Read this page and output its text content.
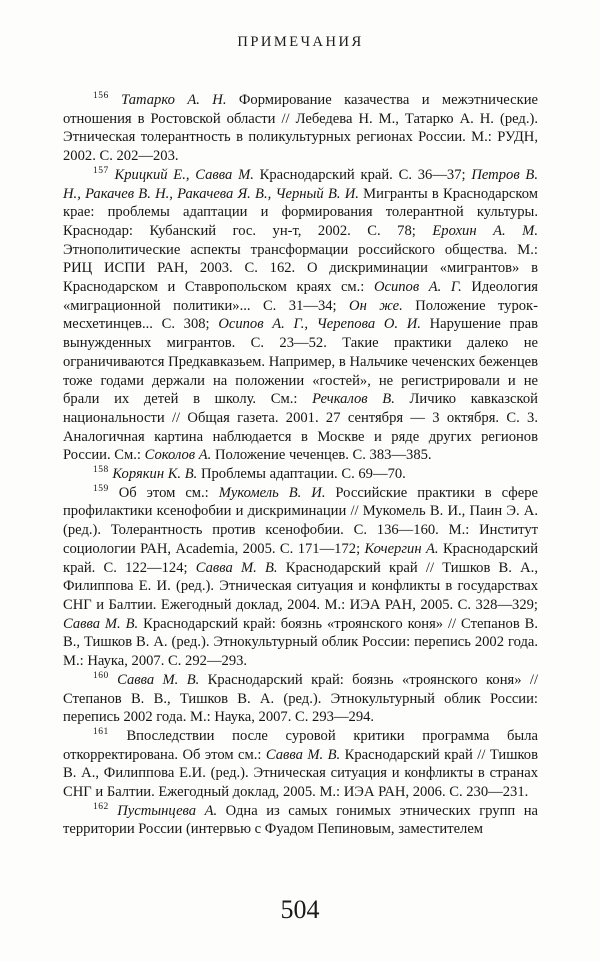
ПРИМЕЧАНИЯ

$^{156}$ Татарко А. Н. Формирование казачества и межэтнические отношения в Ростовской области // Лебедева Н. М., Татарко А. Н. (ред.). Этническая толерантность в поликультурных регионах России. М.: РУДН, 2002. С. 202—203.

$^{157}$ Крицкий Е., Савва М. Краснодарский край. С. 36—37; Петров В. Н., Ракачев В. Н., Ракачева Я. В., Черный В. И. Мигранты в Краснодарском крае: проблемы адаптации и формирования толерантной культуры. Краснодар: Кубанский гос. ун-т, 2002. С. 78; Ерохин А. М. Этнополитические аспекты трансформации российского общества. М.: РИЦ ИСПИ РАН, 2003. С. 162. О дискриминации «мигрантов» в Краснодарском и Ставропольском краях см.: Осипов А. Г. Идеология «миграционной политики»... С. 31—34; Он же. Положение турок-месхетинцев... С. 308; Осипов А. Г., Черепова О. И. Нарушение прав вынужденных мигрантов. С. 23—52. Такие практики далеко не ограничиваются Предкавказьем. Например, в Нальчике чеченских беженцев тоже годами держали на положении «гостей», не регистрировали и не брали их детей в школу. См.: Речкалов В. Личико кавказской национальности // Общая газета. 2001. 27 сентября — 3 октября. С. 3. Аналогичная картина наблюдается в Москве и ряде других регионов России. См.: Соколов А. Положение чеченцев. С. 383—385.

$^{158}$ Корякин К. В. Проблемы адаптации. С. 69—70.

$^{159}$ Об этом см.: Мукомель В. И. Российские практики в сфере профилактики ксенофобии и дискриминации // Мукомель В. И., Паин Э. А. (ред.). Толерантность против ксенофобии. С. 136—160. М.: Институт социологии РАН, Academia, 2005. С. 171—172; Кочергин А. Краснодарский край. С. 122—124; Савва М. В. Краснодарский край // Тишков В. А., Филиппова Е. И. (ред.). Этническая ситуация и конфликты в государствах СНГ и Балтии. Ежегодный доклад, 2004. М.: ИЭА РАН, 2005. С. 328—329; Савва М. В. Краснодарский край: боязнь «троянского коня» // Степанов В. В., Тишков В. А. (ред.). Этнокультурный облик России: перепись 2002 года. М.: Наука, 2007. С. 292—293.

$^{160}$ Савва М. В. Краснодарский край: боязнь «троянского коня» // Степанов В. В., Тишков В. А. (ред.). Этнокультурный облик России: перепись 2002 года. М.: Наука, 2007. С. 293—294.

$^{161}$ Впоследствии после суровой критики программа была откорректирована. Об этом см.: Савва М. В. Краснодарский край // Тишков В. А., Филиппова Е.И. (ред.). Этническая ситуация и конфликты в странах СНГ и Балтии. Ежегодный доклад, 2005. М.: ИЭА РАН, 2006. С. 230—231.

$^{162}$ Пустынцева А. Одна из самых гонимых этнических групп на территории России (интервью с Фуадом Пепиновым, заместителем

504
